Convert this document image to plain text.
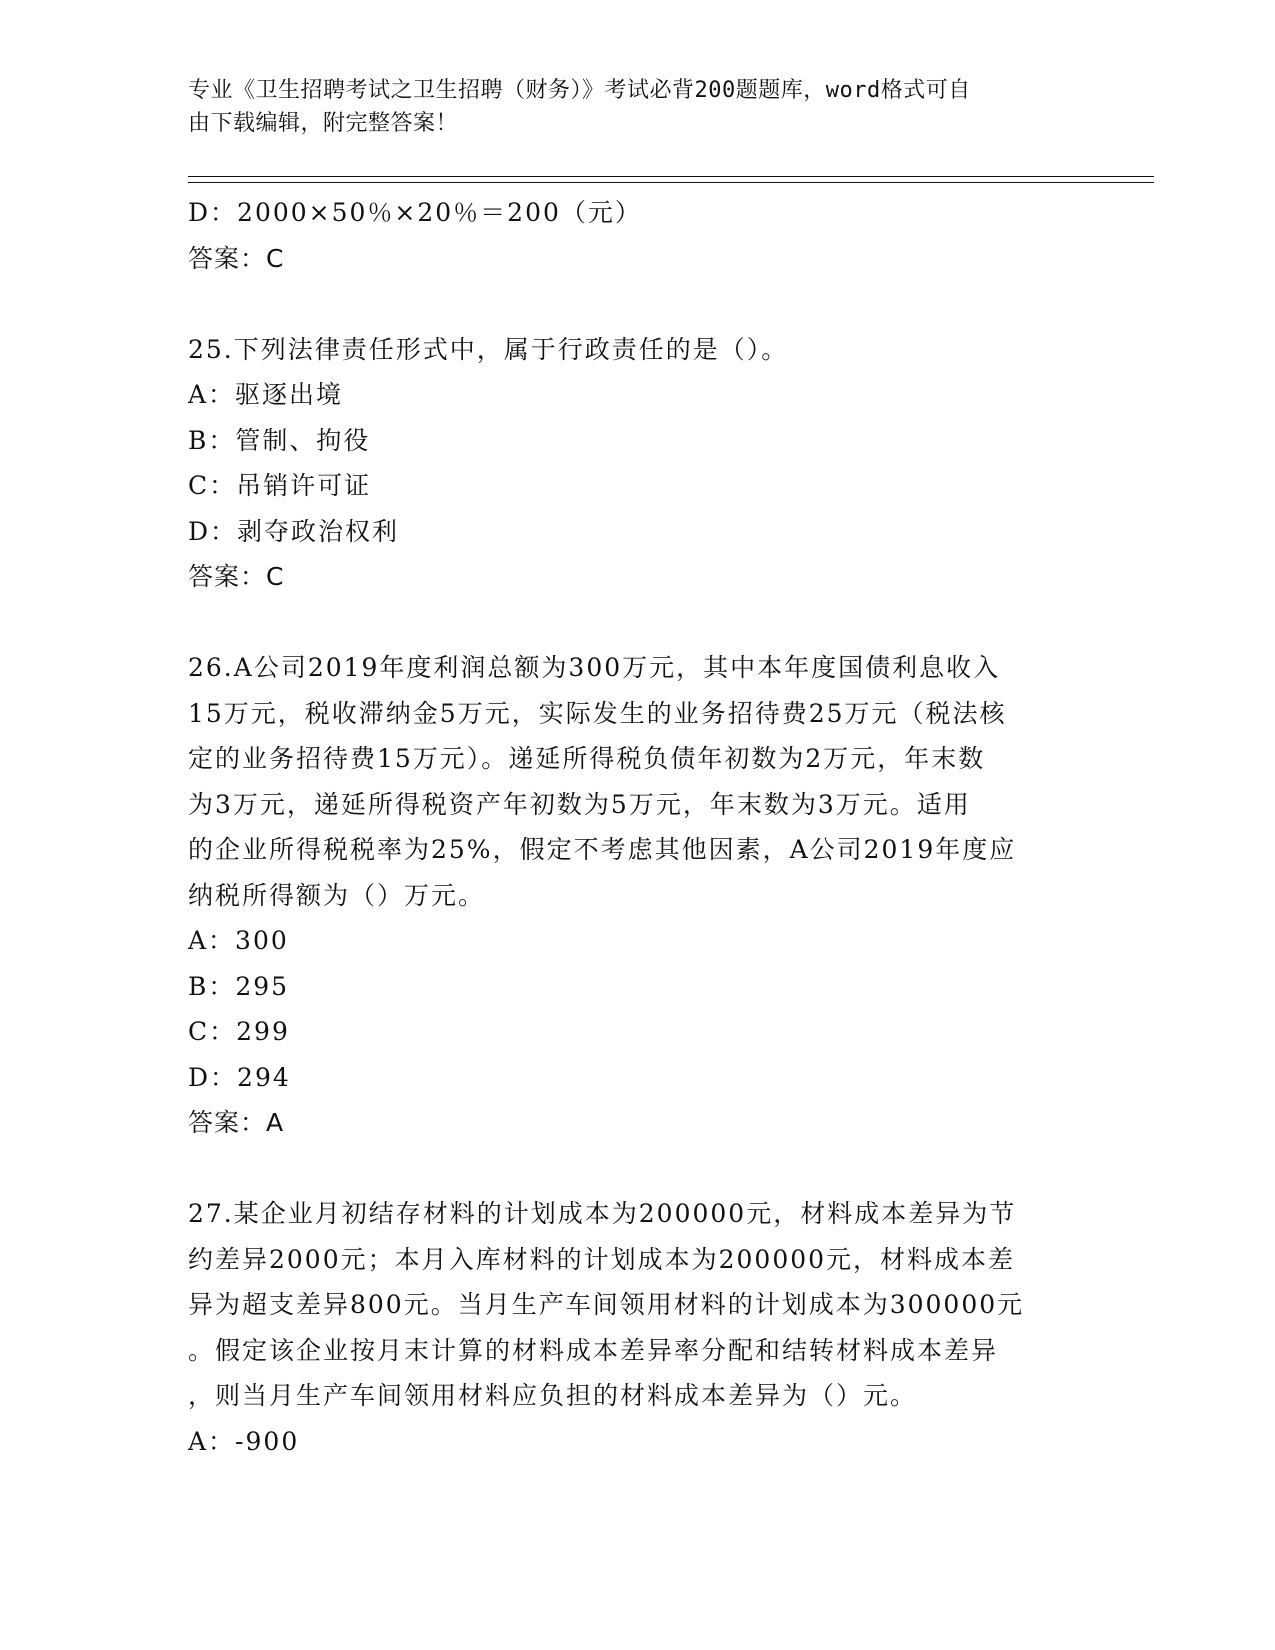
专业《卫生招聘考试之卫生招聘（财务）》考试必背200题题库，word格式可自
由下载编辑，附完整答案！
D：2000×50％×20％＝200（元）
答案：C
25.下列法律责任形式中，属于行政责任的是（）。
A：驱逐出境
B：管制、拘役
C：吊销许可证
D：剥夺政治权利
答案：C
26.A公司2019年度利润总额为300万元，其中本年度国债利息收入
15万元，税收滞纳金5万元，实际发生的业务招待费25万元（税法核
定的业务招待费15万元）。递延所得税负债年初数为2万元，年末数
为3万元，递延所得税资产年初数为5万元，年末数为3万元。适用
的企业所得税税率为25%，假定不考虑其他因素，A公司2019年度应
纳税所得额为（）万元。
A：300
B：295
C：299
D：294
答案：A
27.某企业月初结存材料的计划成本为200000元，材料成本差异为节
约差异2000元；本月入库材料的计划成本为200000元，材料成本差
异为超支差异800元。当月生产车间领用材料的计划成本为300000元
。假定该企业按月末计算的材料成本差异率分配和结转材料成本差异
，则当月生产车间领用材料应负担的材料成本差异为（）元。
A：-900
